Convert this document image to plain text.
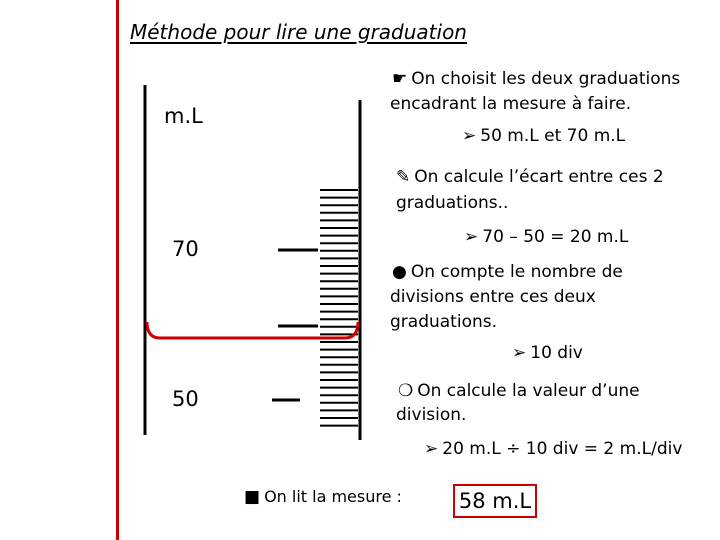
Méthode pour lire une graduation
m.L
70
50
☛ On choisit les deux graduations
encadrant la mesure à faire.
➢ 50 m.L et 70 m.L
✎ On calcule l’écart entre ces 2
graduations..
➢ 70 – 50 = 20 m.L
● On compte le nombre de
divisions entre ces deux
graduations.
➢ 10 div
❍ On calcule la valeur d’une
division.
➢ 20 m.L ÷ 10 div = 2 m.L/div
■ On lit la mesure :	58 m.L
